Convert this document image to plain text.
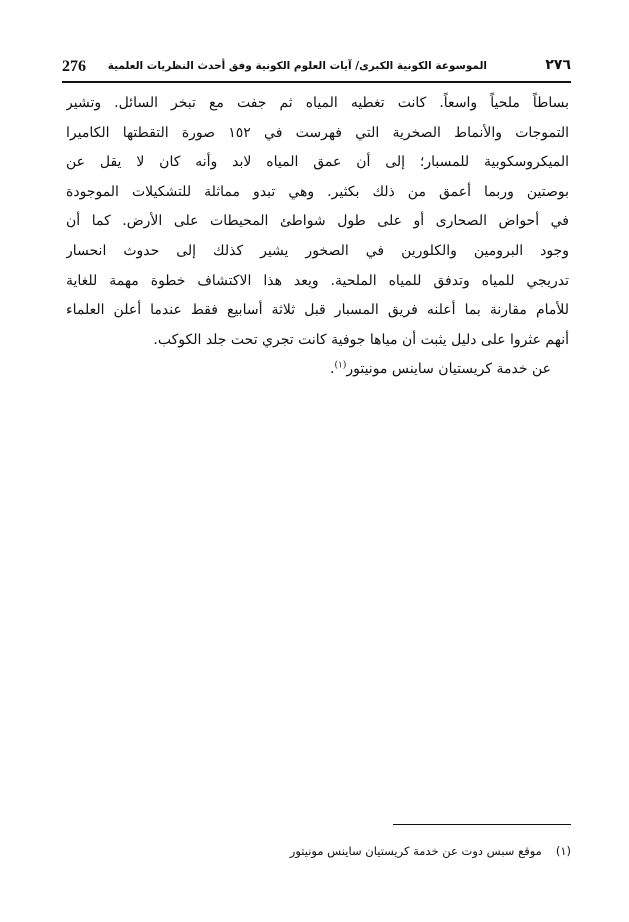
276 الموسوعة الكونية الكبرى/ آيات العلوم الكونية وفق أحدث النظريات العلمية	٢٧٦
بساطاً ملحياً واسعاً. كانت تغطيه المياه ثم جفت مع تبخر السائل. وتشير
التموجات والأنماط الصخرية التي فهرست في ١٥٢ صورة التقطتها الكاميرا
الميكروسكوبية للمسبار؛ إلى أن عمق المياه لابد وأنه كان لا يقل عن
بوصتين وربما أعمق من ذلك بكثير. وهي تبدو مماثلة للتشكيلات الموجودة
في أحواض الصحارى أو على طول شواطئ المحيطات على الأرض. كما أن
وجود البرومين والكلورين في الصخور يشير كذلك إلى حدوث انحسار
تدريجي للمياه وتدفق للمياه الملحية. ويعد هذا الاكتشاف خطوة مهمة للغاية
للأمام مقارنة بما أعلنه فريق المسبار قبل ثلاثة أسابيع فقط عندما أعلن العلماء
أنهم عثروا على دليل يثبت أن مياها جوفية كانت تجري تحت جلد الكوكب.
عن خدمة كريستيان ساينس مونيتور$^{(١)}$.
(١)موقع سبس دوت عن خدمة كريستيان ساينس مونيتور
